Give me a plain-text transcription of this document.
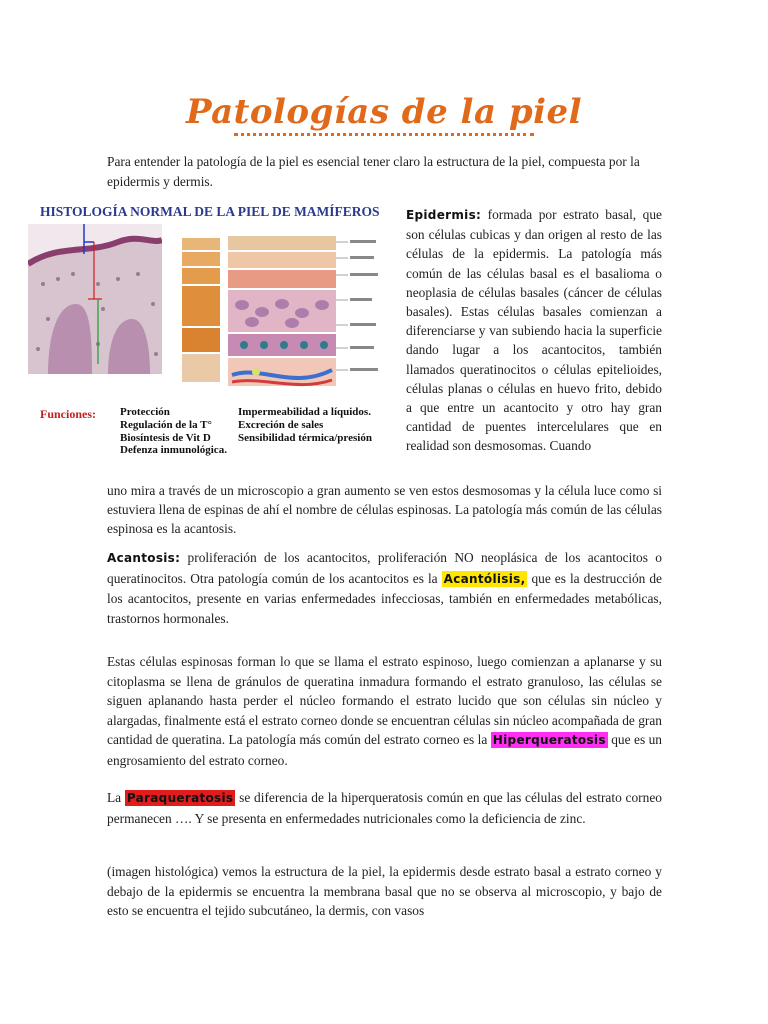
Patologías de la piel

Para entender la patología de la piel es esencial tener claro la estructura de la piel, compuesta por la epidermis y dermis.

HISTOLOGÍA NORMAL DE LA PIEL DE MAMÍFEROS
Funciones: Protección
Regulación de la T°
Biosíntesis de Vit D
Defenza inmunológica.
Impermeabilidad a líquidos.
Excreción de sales
Sensibilidad térmica/presión

Epidermis: formada por estrato basal, que son células cubicas y dan origen al resto de las células de la epidermis. La patología más común de las células basal es el basalioma o neoplasia de células basales (cáncer de células basales). Estas células basales comienzan a diferenciarse y van subiendo hacia la superficie dando lugar a los acantocitos, también llamados queratinocitos o células epitelioides, células planas o células en huevo frito, debido a que entre un acantocito y otro hay gran cantidad de puentes intercelulares que en realidad son desmosomas. Cuando

uno mira a través de un microscopio a gran aumento se ven estos desmosomas y la célula luce como si estuviera llena de espinas de ahí el nombre de células espinosas. La patología más común de las células espinosa es la acantosis.

Acantosis: proliferación de los acantocitos, proliferación NO neoplásica de los acantocitos o queratinocitos. Otra patología común de los acantocitos es la Acantólisis, que es la destrucción de los acantocitos, presente en varias enfermedades infecciosas, también en enfermedades metabólicas, trastornos hormonales.

Estas células espinosas forman lo que se llama el estrato espinoso, luego comienzan a aplanarse y su citoplasma se llena de gránulos de queratina inmadura formando el estrato granuloso, las células se siguen aplanando hasta perder el núcleo formando el estrato lucido que son células sin núcleo y alargadas, finalmente está el estrato corneo donde se encuentran células sin núcleo acompañada de gran cantidad de queratina. La patología más común del estrato corneo es la Hiperqueratosis que es un engrosamiento del estrato corneo.

La Paraqueratosis se diferencia de la hiperqueratosis común en que las células del estrato corneo permanecen …. Y se presenta en enfermedades nutricionales como la deficiencia de zinc.

(imagen histológica) vemos la estructura de la piel, la epidermis desde estrato basal a estrato corneo y debajo de la epidermis se encuentra la membrana basal que no se observa al microscopio, y bajo de esto se encuentra el tejido subcutáneo, la dermis, con vasos
